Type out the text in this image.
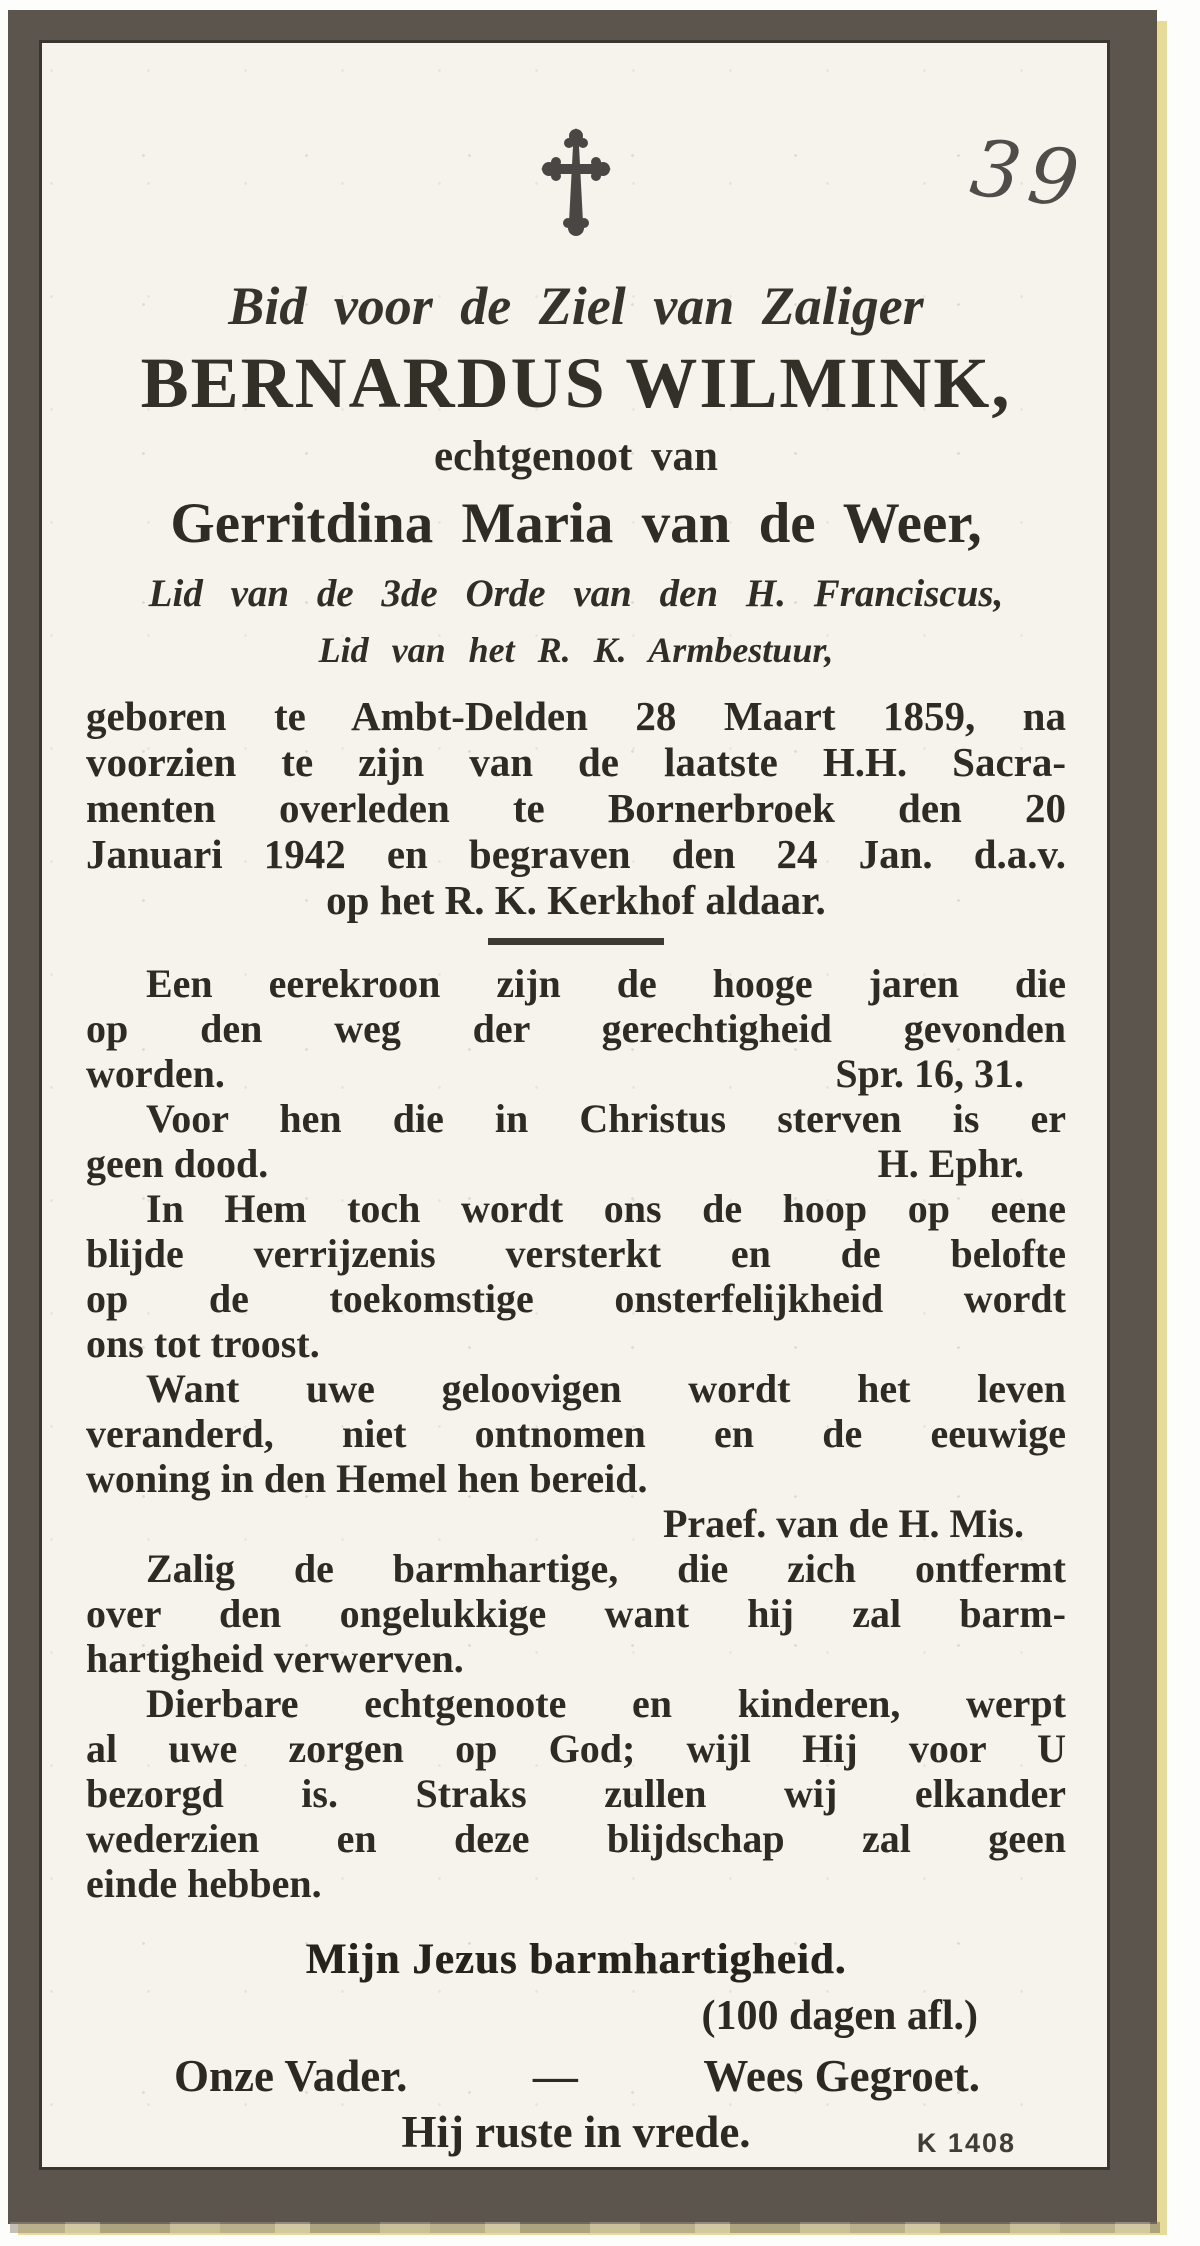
39
Bid voor de Ziel van Zaliger
BERNARDUS WILMINK,
echtgenoot van
Gerritdina Maria van de Weer,
Lid van de 3de Orde van den H. Franciscus,
Lid van het R. K. Armbestuur,
geboren te Ambt-Delden 28 Maart 1859, na
voorzien te zijn van de laatste H.H. Sacra-
menten overleden te Bornerbroek den 20
Januari 1942 en begraven den 24 Jan. d.a.v.
op het R. K. Kerkhof aldaar.
Een eerekroon zijn de hooge jaren die
op den weg der gerechtigheid gevonden
worden.	Spr. 16, 31.
Voor hen die in Christus sterven is er
geen dood.	H. Ephr.
In Hem toch wordt ons de hoop op eene
blijde verrijzenis versterkt en de belofte
op de toekomstige onsterfelijkheid wordt
ons tot troost.
Want uwe geloovigen wordt het leven
veranderd, niet ontnomen en de eeuwige
woning in den Hemel hen bereid.
Praef. van de H. Mis.
Zalig de barmhartige, die zich ontfermt
over den ongelukkige want hij zal barm-
hartigheid verwerven.
Dierbare echtgenoote en kinderen, werpt
al uwe zorgen op God; wijl Hij voor U
bezorgd is. Straks zullen wij elkander
wederzien en deze blijdschap zal geen
einde hebben.
Mijn Jezus barmhartigheid.
(100 dagen afl.)
Onze Vader.	—	Wees Gegroet.
Hij ruste in vrede.	K 1408
